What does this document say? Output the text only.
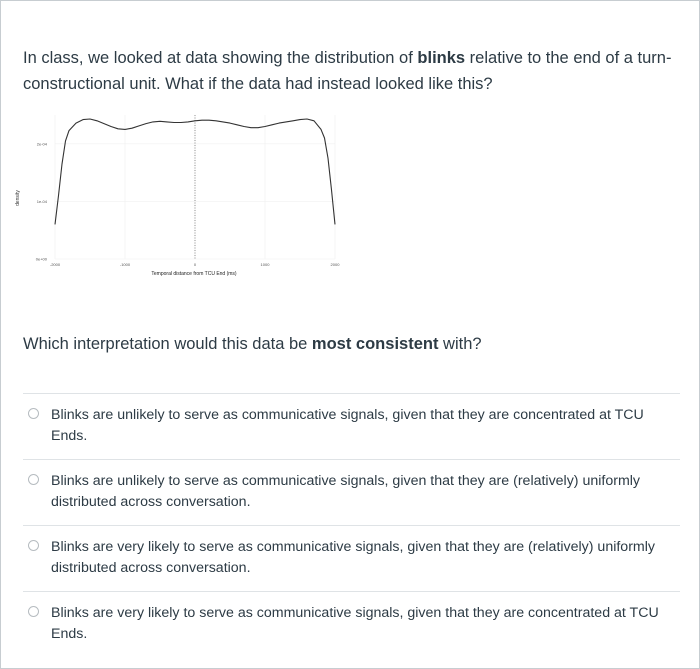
In class, we looked at data showing the distribution of blinks relative to the end of a turn-constructional unit. What if the data had instead looked like this?
density
Temporal distance from TCU End (ms)
0e+00
1e-04
2e-04
-2000	-1000	0	1000	2000
Which interpretation would this data be most consistent with?
Blinks are unlikely to serve as communicative signals, given that they are concentrated at TCU Ends.
Blinks are unlikely to serve as communicative signals, given that they are (relatively) uniformly distributed across conversation.
Blinks are very likely to serve as communicative signals, given that they are (relatively) uniformly distributed across conversation.
Blinks are very likely to serve as communicative signals, given that they are concentrated at TCU Ends.
